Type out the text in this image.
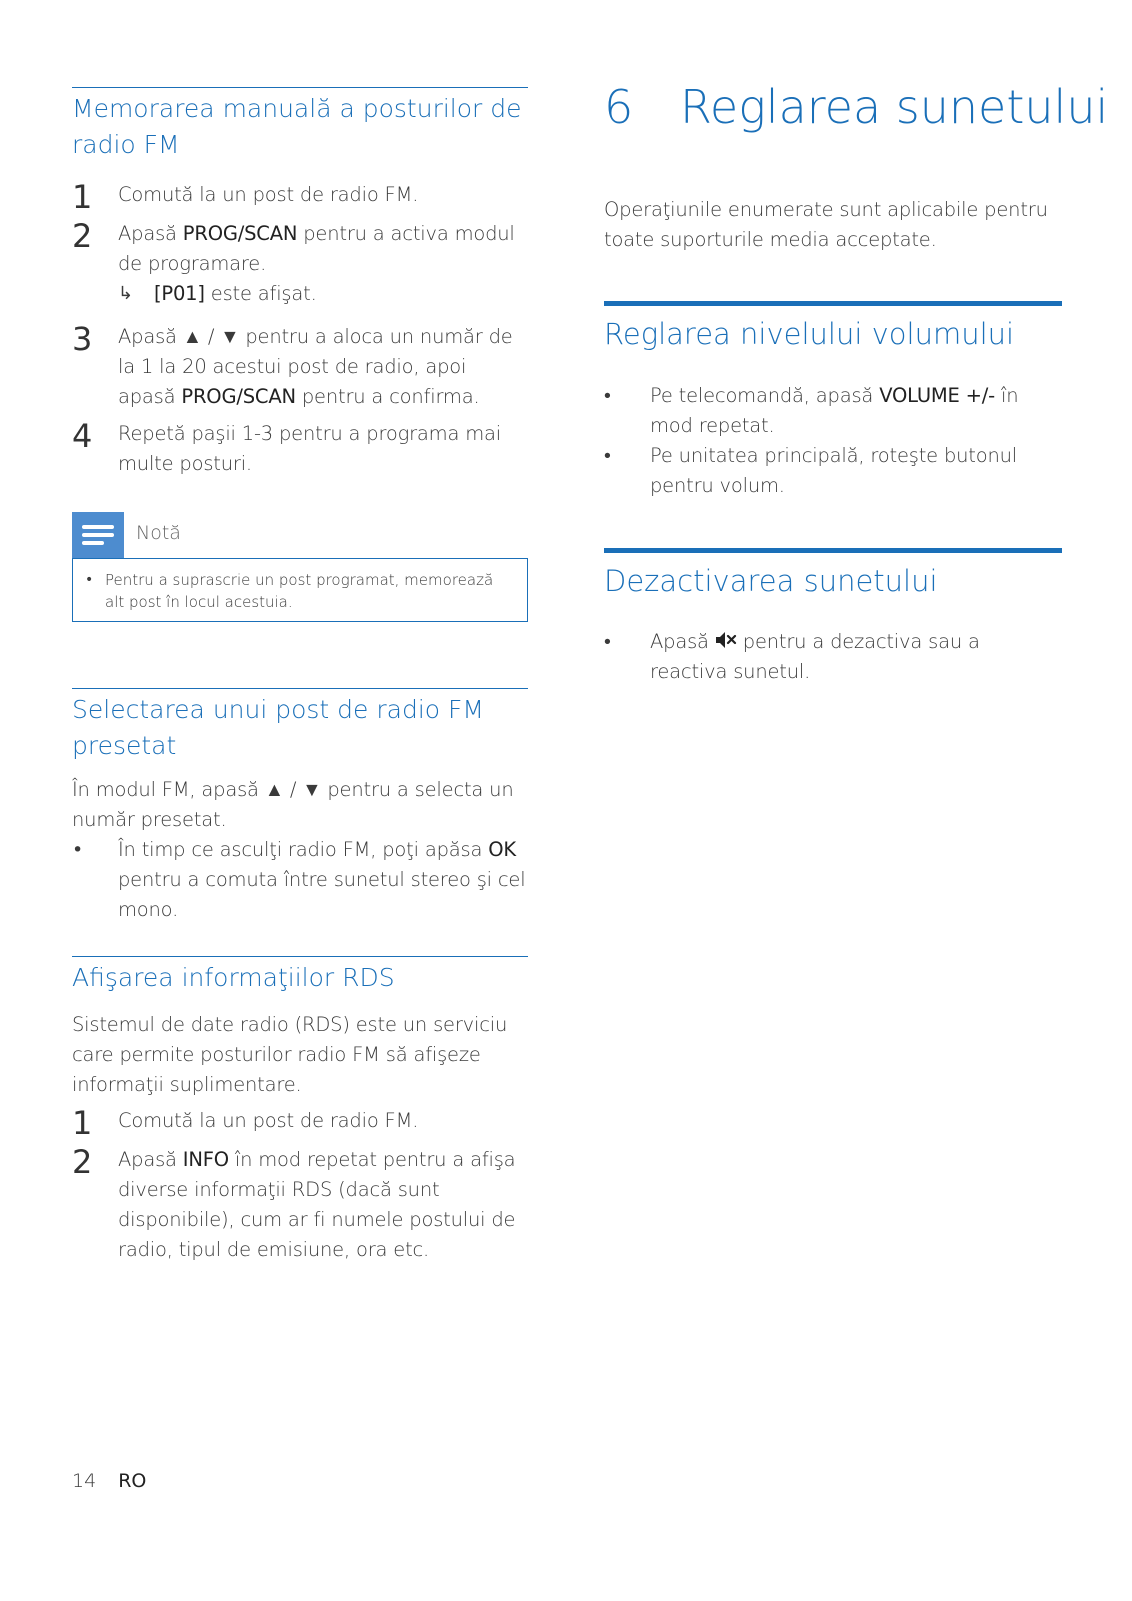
Memorarea manuală a posturilor de radio FM
1	Comută la un post de radio FM.

2	Apasă PROG/SCAN pentru a activa modul de programare.
↳	[P01] este afişat.
3	Apasă ▲ / ▼ pentru a aloca un număr de la 1 la 20 acestui post de radio, apoi apasă PROG/SCAN pentru a confirma.

4	Repetă paşii 1-3 pentru a programa mai multe posturi.

Notă
• Pentru a suprascrie un post programat, memorează alt post în locul acestuia.
Selectarea unui post de radio FM presetat

În modul FM, apasă ▲ / ▼ pentru a selecta un număr presetat.

•	În timp ce asculţi radio FM, poţi apăsa OK pentru a comuta între sunetul stereo şi cel mono.

Afişarea informaţiilor RDS

Sistemul de date radio (RDS) este un serviciu care permite posturilor radio FM să afişeze informaţii suplimentare.

1	Comută la un post de radio FM.

2	Apasă INFO în mod repetat pentru a afişa diverse informaţii RDS (dacă sunt disponibile), cum ar fi numele postului de radio, tipul de emisiune, ora etc.

6 Reglarea sunetului

Operaţiunile enumerate sunt aplicabile pentru toate suporturile media acceptate.

Reglarea nivelului volumului
•	Pe telecomandă, apasă VOLUME +/- în mod repetat.
•	Pe unitatea principală, roteşte butonul pentru volum.
Dezactivarea sunetului
•	Apasă  pentru a dezactiva sau a reactiva sunetul.
14 RO
